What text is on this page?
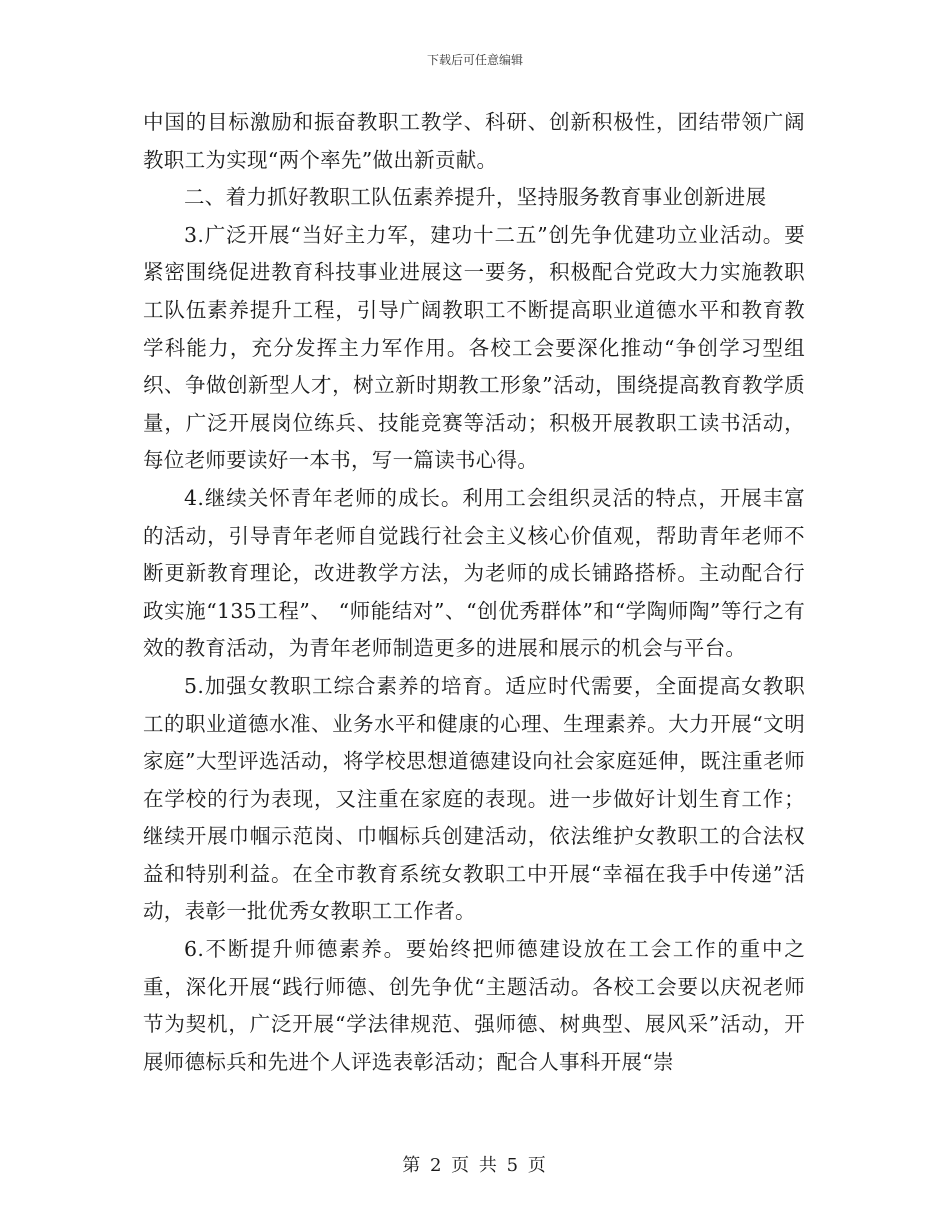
下载后可任意编辑

中国的目标激励和振奋教职工教学、科研、创新积极性，团结带领广阔教职工为实现“两个率先”做出新贡献。

二、着力抓好教职工队伍素养提升，坚持服务教育事业创新进展

3.广泛开展“当好主力军，建功十二五”创先争优建功立业活动。要紧密围绕促进教育科技事业进展这一要务，积极配合党政大力实施教职工队伍素养提升工程，引导广阔教职工不断提高职业道德水平和教育教学科能力，充分发挥主力军作用。各校工会要深化推动“争创学习型组织、争做创新型人才，树立新时期教工形象”活动，围绕提高教育教学质量，广泛开展岗位练兵、技能竞赛等活动；积极开展教职工读书活动，每位老师要读好一本书，写一篇读书心得。

4.继续关怀青年老师的成长。利用工会组织灵活的特点，开展丰富的活动，引导青年老师自觉践行社会主义核心价值观，帮助青年老师不断更新教育理论，改进教学方法，为老师的成长铺路搭桥。主动配合行政实施“135工程”、 “师能结对”、“创优秀群体”和“学陶师陶”等行之有效的教育活动，为青年老师制造更多的进展和展示的机会与平台。

5.加强女教职工综合素养的培育。适应时代需要，全面提高女教职工的职业道德水准、业务水平和健康的心理、生理素养。大力开展“文明家庭”大型评选活动，将学校思想道德建设向社会家庭延伸，既注重老师在学校的行为表现，又注重在家庭的表现。进一步做好计划生育工作；继续开展巾帼示范岗、巾帼标兵创建活动，依法维护女教职工的合法权益和特别利益。在全市教育系统女教职工中开展“幸福在我手中传递”活动，表彰一批优秀女教职工工作者。

6.不断提升师德素养。要始终把师德建设放在工会工作的重中之重，深化开展“践行师德、创先争优“主题活动。各校工会要以庆祝老师节为契机，广泛开展“学法律规范、强师德、树典型、展风采”活动，开展师德标兵和先进个人评选表彰活动；配合人事科开展“崇

第 2 页 共 5 页
